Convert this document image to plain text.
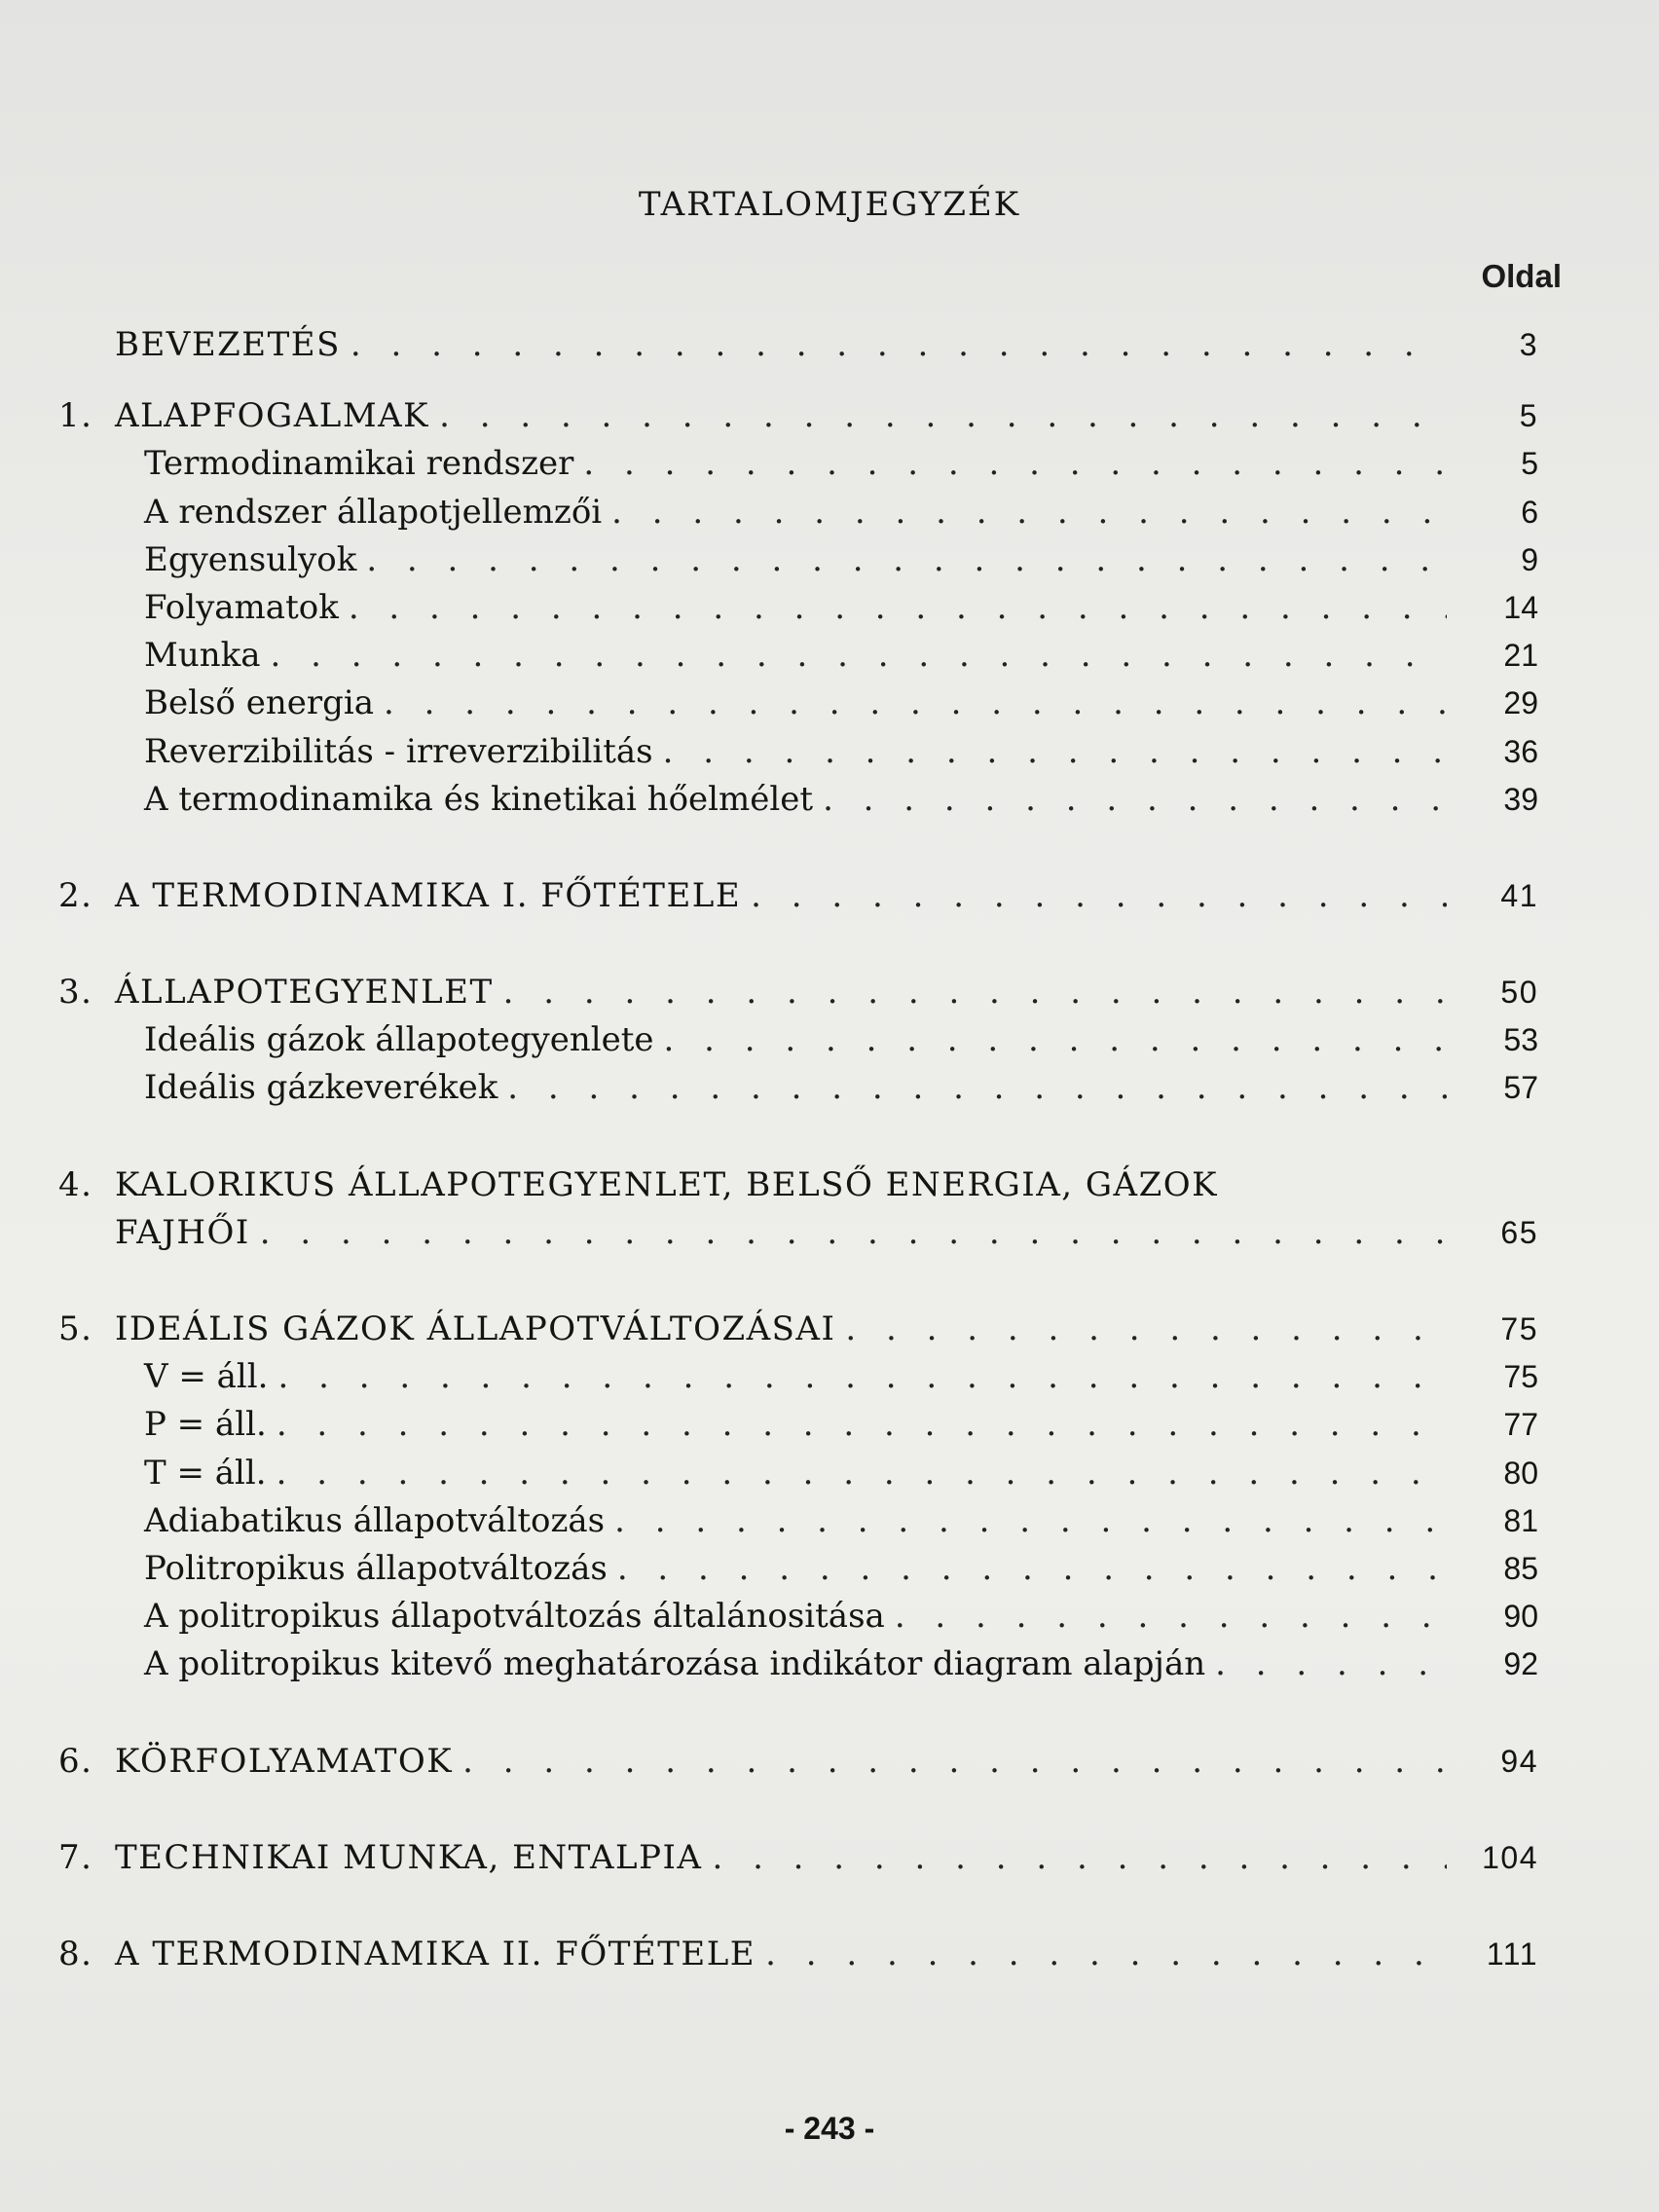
TARTALOMJEGYZÉK
Oldal
BEVEZETÉS . . .	3
1. ALAPFOGALMAK . . .	5
Termodinamikai rendszer . . .	5
A rendszer állapotjellemzői . . .	6
Egyensulyok . . .	9
Folyamatok . . .	14
Munka . . .	21
Belső energia . . .	29
Reverzibilitás - irreverzibilitás . . .	36
A termodinamika és kinetikai hőelmélet . . .	39
2. A TERMODINAMIKA I. FŐTÉTELE . . .	41
3. ÁLLAPOTEGYENLET . . .	50
Ideális gázok állapotegyenlete . . .	53
Ideális gázkeverékek . . .	57
4. KALORIKUS ÁLLAPOTEGYENLET, BELSŐ ENERGIA, GÁZOK
FAJHŐI . . .	65
5. IDEÁLIS GÁZOK ÁLLAPOTVÁLTOZÁSAI . . .	75
V = áll. . . .	75
P = áll. . . .	77
T = áll. . . .	80
Adiabatikus állapotváltozás . . .	81
Politropikus állapotváltozás . . .	85
A politropikus állapotváltozás általánositása . . .	90
A politropikus kitevő meghatározása indikátor diagram alapján . . .	92
6. KÖRFOLYAMATOK . . .	94
7. TECHNIKAI MUNKA, ENTALPIA . . .	104
8. A TERMODINAMIKA II. FŐTÉTELE . . .	111
- 243 -
